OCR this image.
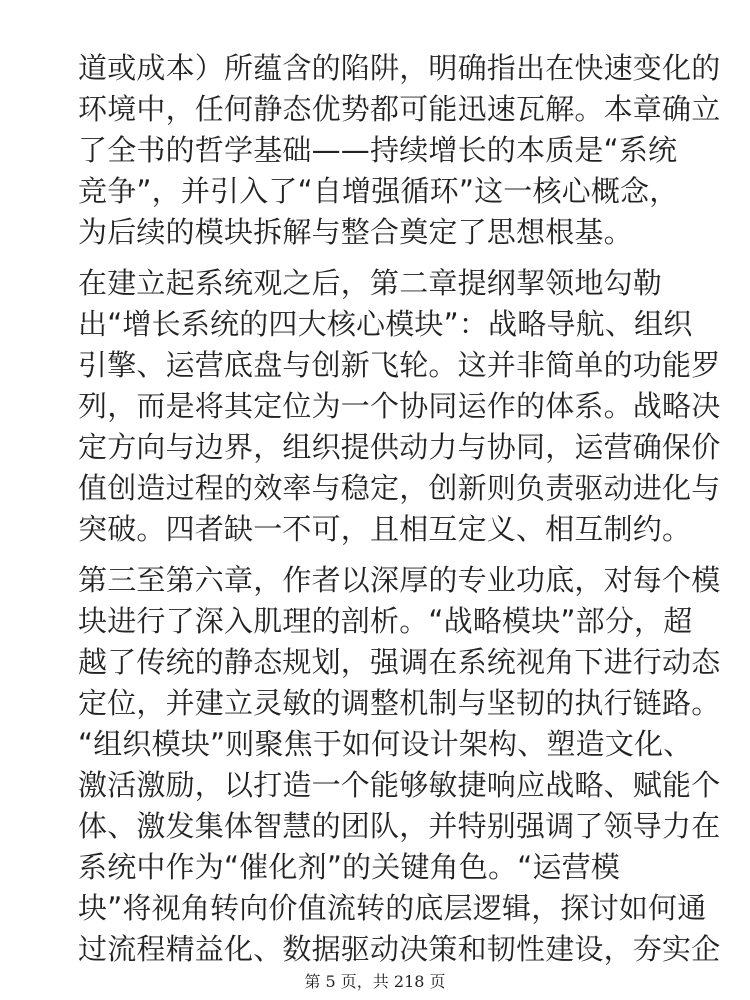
道或成本）所蕴含的陷阱，明确指出在快速变化的
环境中，任何静态优势都可能迅速瓦解。本章确立
了全书的哲学基础——持续增长的本质是“系统
竞争”，并引入了“自增强循环”这一核心概念，
为后续的模块拆解与整合奠定了思想根基。
在建立起系统观之后，第二章提纲挈领地勾勒
出“增长系统的四大核心模块”：战略导航、组织
引擎、运营底盘与创新飞轮。这并非简单的功能罗
列，而是将其定位为一个协同运作的体系。战略决
定方向与边界，组织提供动力与协同，运营确保价
值创造过程的效率与稳定，创新则负责驱动进化与
突破。四者缺一不可，且相互定义、相互制约。
第三至第六章，作者以深厚的专业功底，对每个模
块进行了深入肌理的剖析。“战略模块”部分，超
越了传统的静态规划，强调在系统视角下进行动态
定位，并建立灵敏的调整机制与坚韧的执行链路。
“组织模块”则聚焦于如何设计架构、塑造文化、
激活激励，以打造一个能够敏捷响应战略、赋能个
体、激发集体智慧的团队，并特别强调了领导力在
系统中作为“催化剂”的关键角色。“运营模
块”将视角转向价值流转的底层逻辑，探讨如何通
过流程精益化、数据驱动决策和韧性建设，夯实企
第 5 页，共 218 页
